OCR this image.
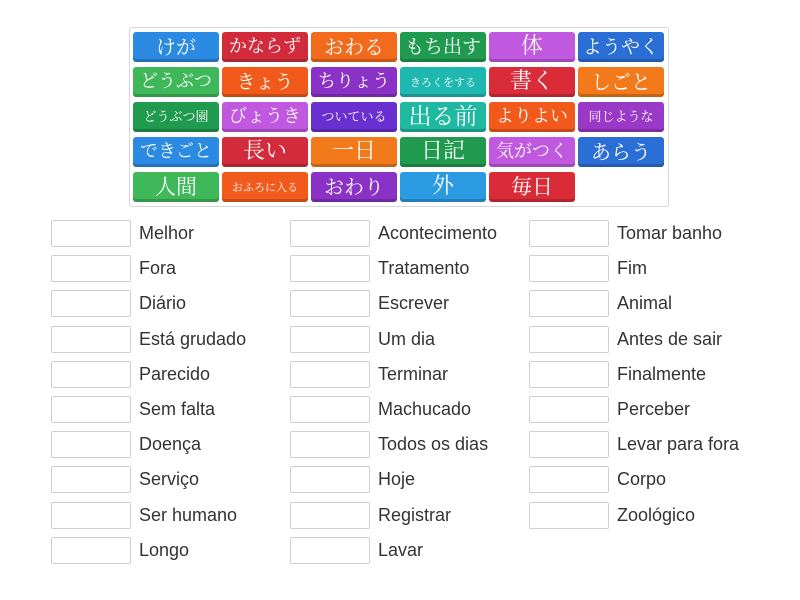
けが	かならず	おわる	もち出す	体	ようやく
どうぶつ	きょう	ちりょう	きろくをする	書く	しごと
どうぶつ園	びょうき	ついている 出る前	よりよい	同じような
できごと	長い	一日	日記	気がつく	あらう
人間	おふろに入る	おわり	外	毎日
Melhor
Fora
Diário
Está grudado
Parecido
Sem falta
Doença
Serviço
Ser humano
Longo
Acontecimento
Tratamento
Escrever
Um dia
Terminar
Machucado
Todos os dias
Hoje
Registrar
Lavar
Tomar banho
Fim
Animal
Antes de sair
Finalmente
Perceber
Levar para fora
Corpo
Zoológico
